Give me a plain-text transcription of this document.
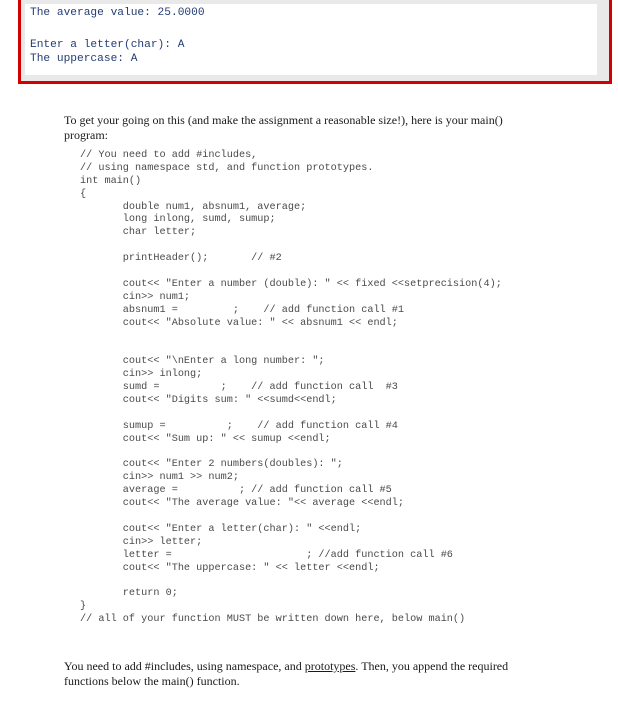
The average value: 25.0000

Enter a letter(char): A

The uppercase: A

To get your going on this (and make the assignment a reasonable size!), here is your main()
program:

// You need to add #includes,
// using namespace std, and function prototypes.
int main()
{
double num1, absnum1, average;
long inlong, sumd, sumup;
char letter;
printHeader();       // #2
cout<< "Enter a number (double): " << fixed <<setprecision(4);
cin>> num1;
absnum1 =         ;    // add function call #1
cout<< "Absolute value: " << absnum1 << endl;
cout<< "\nEnter a long number: ";
cin>> inlong;
sumd =          ;    // add function call  #3
cout<< "Digits sum: " <<sumd<<endl;
sumup =          ;    // add function call #4
cout<< "Sum up: " << sumup <<endl;
cout<< "Enter 2 numbers(doubles): ";
cin>> num1 >> num2;
average =          ; // add function call #5
cout<< "The average value: "<< average <<endl;
cout<< "Enter a letter(char): " <<endl;
cin>> letter;
letter =                      ; //add function call #6
cout<< "The uppercase: " << letter <<endl;
return 0;
}
// all of your function MUST be written down here, below main()

You need to add #includes, using namespace, and prototypes. Then, you append the required
functions below the main() function.
